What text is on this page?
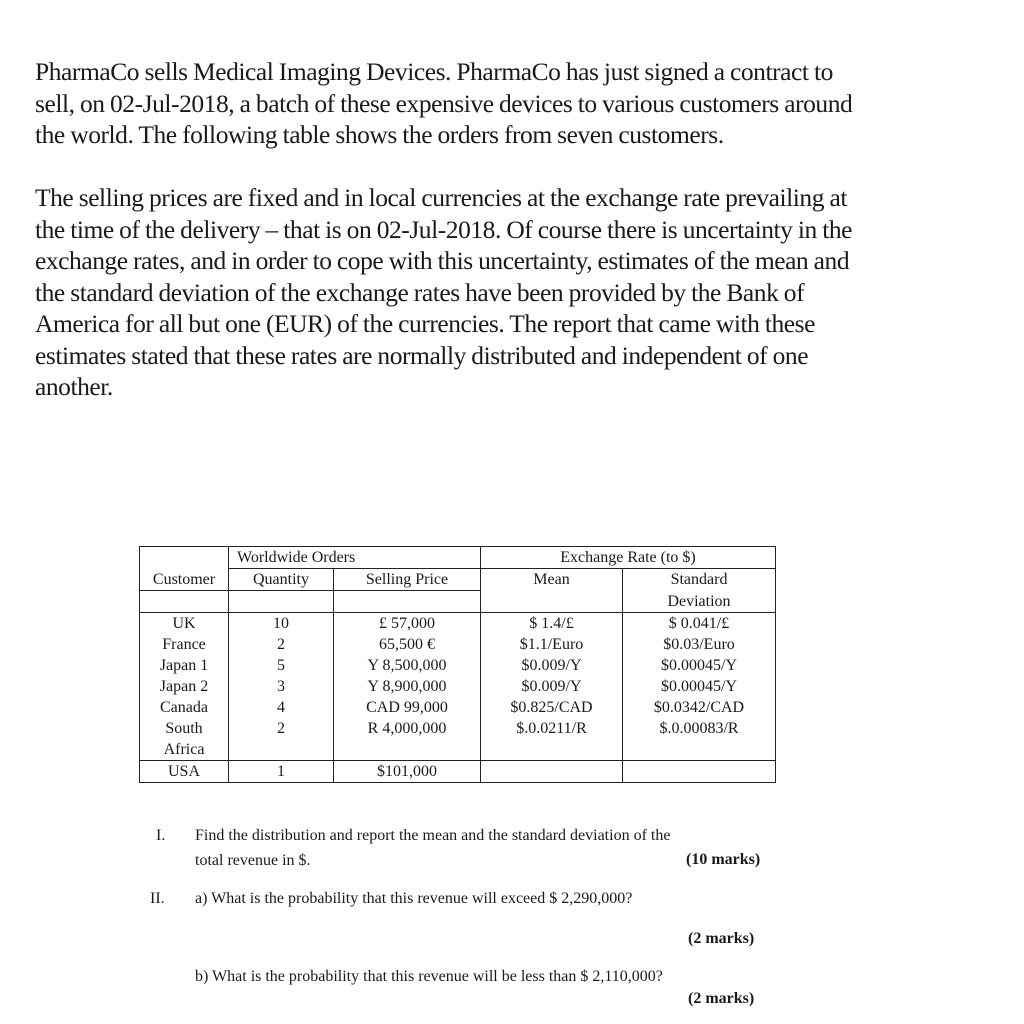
PharmaCo sells Medical Imaging Devices. PharmaCo has just signed a contract to
sell, on 02-Jul-2018, a batch of these expensive devices to various customers around
the world. The following table shows the orders from seven customers.

The selling prices are fixed and in local currencies at the exchange rate prevailing at
the time of the delivery – that is on 02-Jul-2018. Of course there is uncertainty in the
exchange rates, and in order to cope with this uncertainty, estimates of the mean and
the standard deviation of the exchange rates have been provided by the Bank of
America for all but one (EUR) of the currencies. The report that came with these
estimates stated that these rates are normally distributed and independent of one
another.

	Worldwide Orders		Exchange Rate (to $)	
Customer	Quantity	Selling Price	Mean	Standard
				Deviation
UK	10	£ 57,000	$ 1.4/£	$ 0.041/£
France	2	65,500 €	$1.1/Euro	$0.03/Euro
Japan 1	5	Y 8,500,000	$0.009/Y	$0.00045/Y
Japan 2	3	Y 8,900,000	$0.009/Y	$0.00045/Y
Canada	4	CAD 99,000	$0.825/CAD	$0.0342/CAD
South	2	R 4,000,000	$.0.0211/R	$.0.00083/R
Africa				
USA	1	$101,000		
I. Find the distribution and report the mean and the standard deviation of the
total revenue in $.	(10 marks)
II. a) What is the probability that this revenue will exceed $ 2,290,000?
(2 marks)
b) What is the probability that this revenue will be less than $ 2,110,000?
(2 marks)
